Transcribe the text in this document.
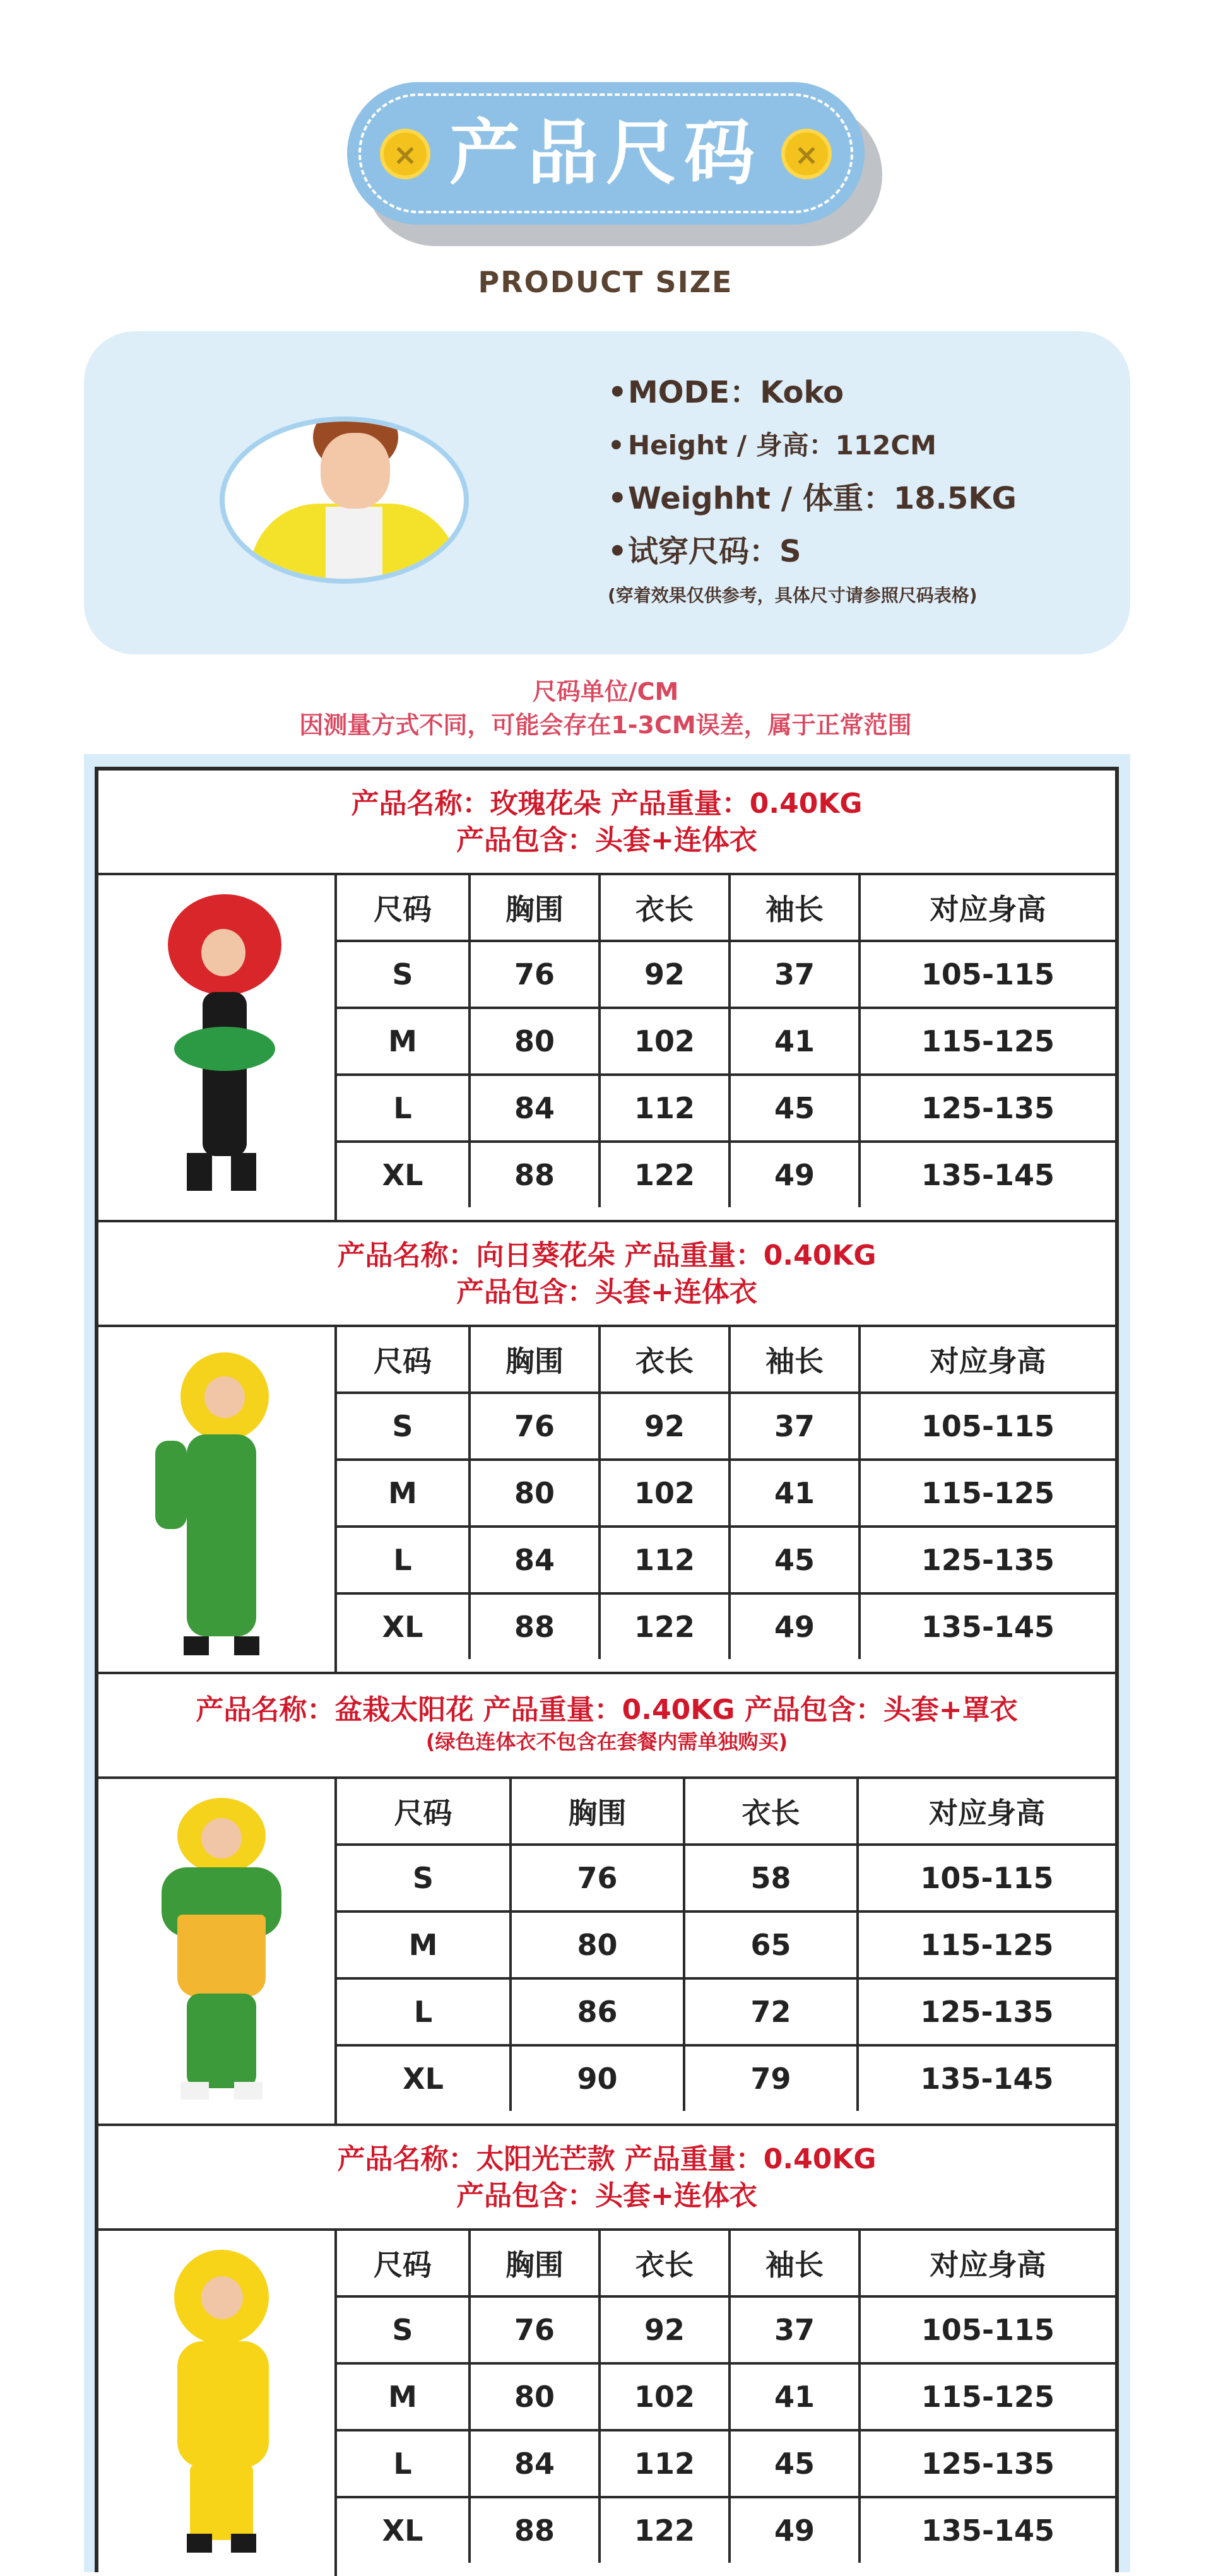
×
产品尺码
×
PRODUCT SIZE
•MODE：Koko
• Height / 身高：112CM
•Weighht / 体重：18.5KG
•试穿尺码：S
(穿着效果仅供参考，具体尺寸请参照尺码表格)
尺码单位/CM
因测量方式不同，可能会存在1-3CM误差，属于正常范围
产品名称：玫瑰花朵 产品重量：0.40KG
产品包含：头套+连体衣
尺码	胸围	衣长	袖长	对应身高
S	76	92	37	105-115
M	80	102	41	115-125
L	84	112	45	125-135
XL	88	122	49	135-145
产品名称：向日葵花朵 产品重量：0.40KG
产品包含：头套+连体衣
尺码	胸围	衣长	袖长	对应身高
S	76	92	37	105-115
M	80	102	41	115-125
L	84	112	45	125-135
XL	88	122	49	135-145
产品名称：盆栽太阳花 产品重量：0.40KG 产品包含：头套+罩衣
(绿色连体衣不包含在套餐内需单独购买)
尺码	胸围	衣长	对应身高
S	76	58	105-115
M	80	65	115-125
L	86	72	125-135
XL	90	79	135-145
产品名称：太阳光芒款 产品重量：0.40KG
产品包含：头套+连体衣
尺码	胸围	衣长	袖长	对应身高
S	76	92	37	105-115
M	80	102	41	115-125
L	84	112	45	125-135
XL	88	122	49	135-145
